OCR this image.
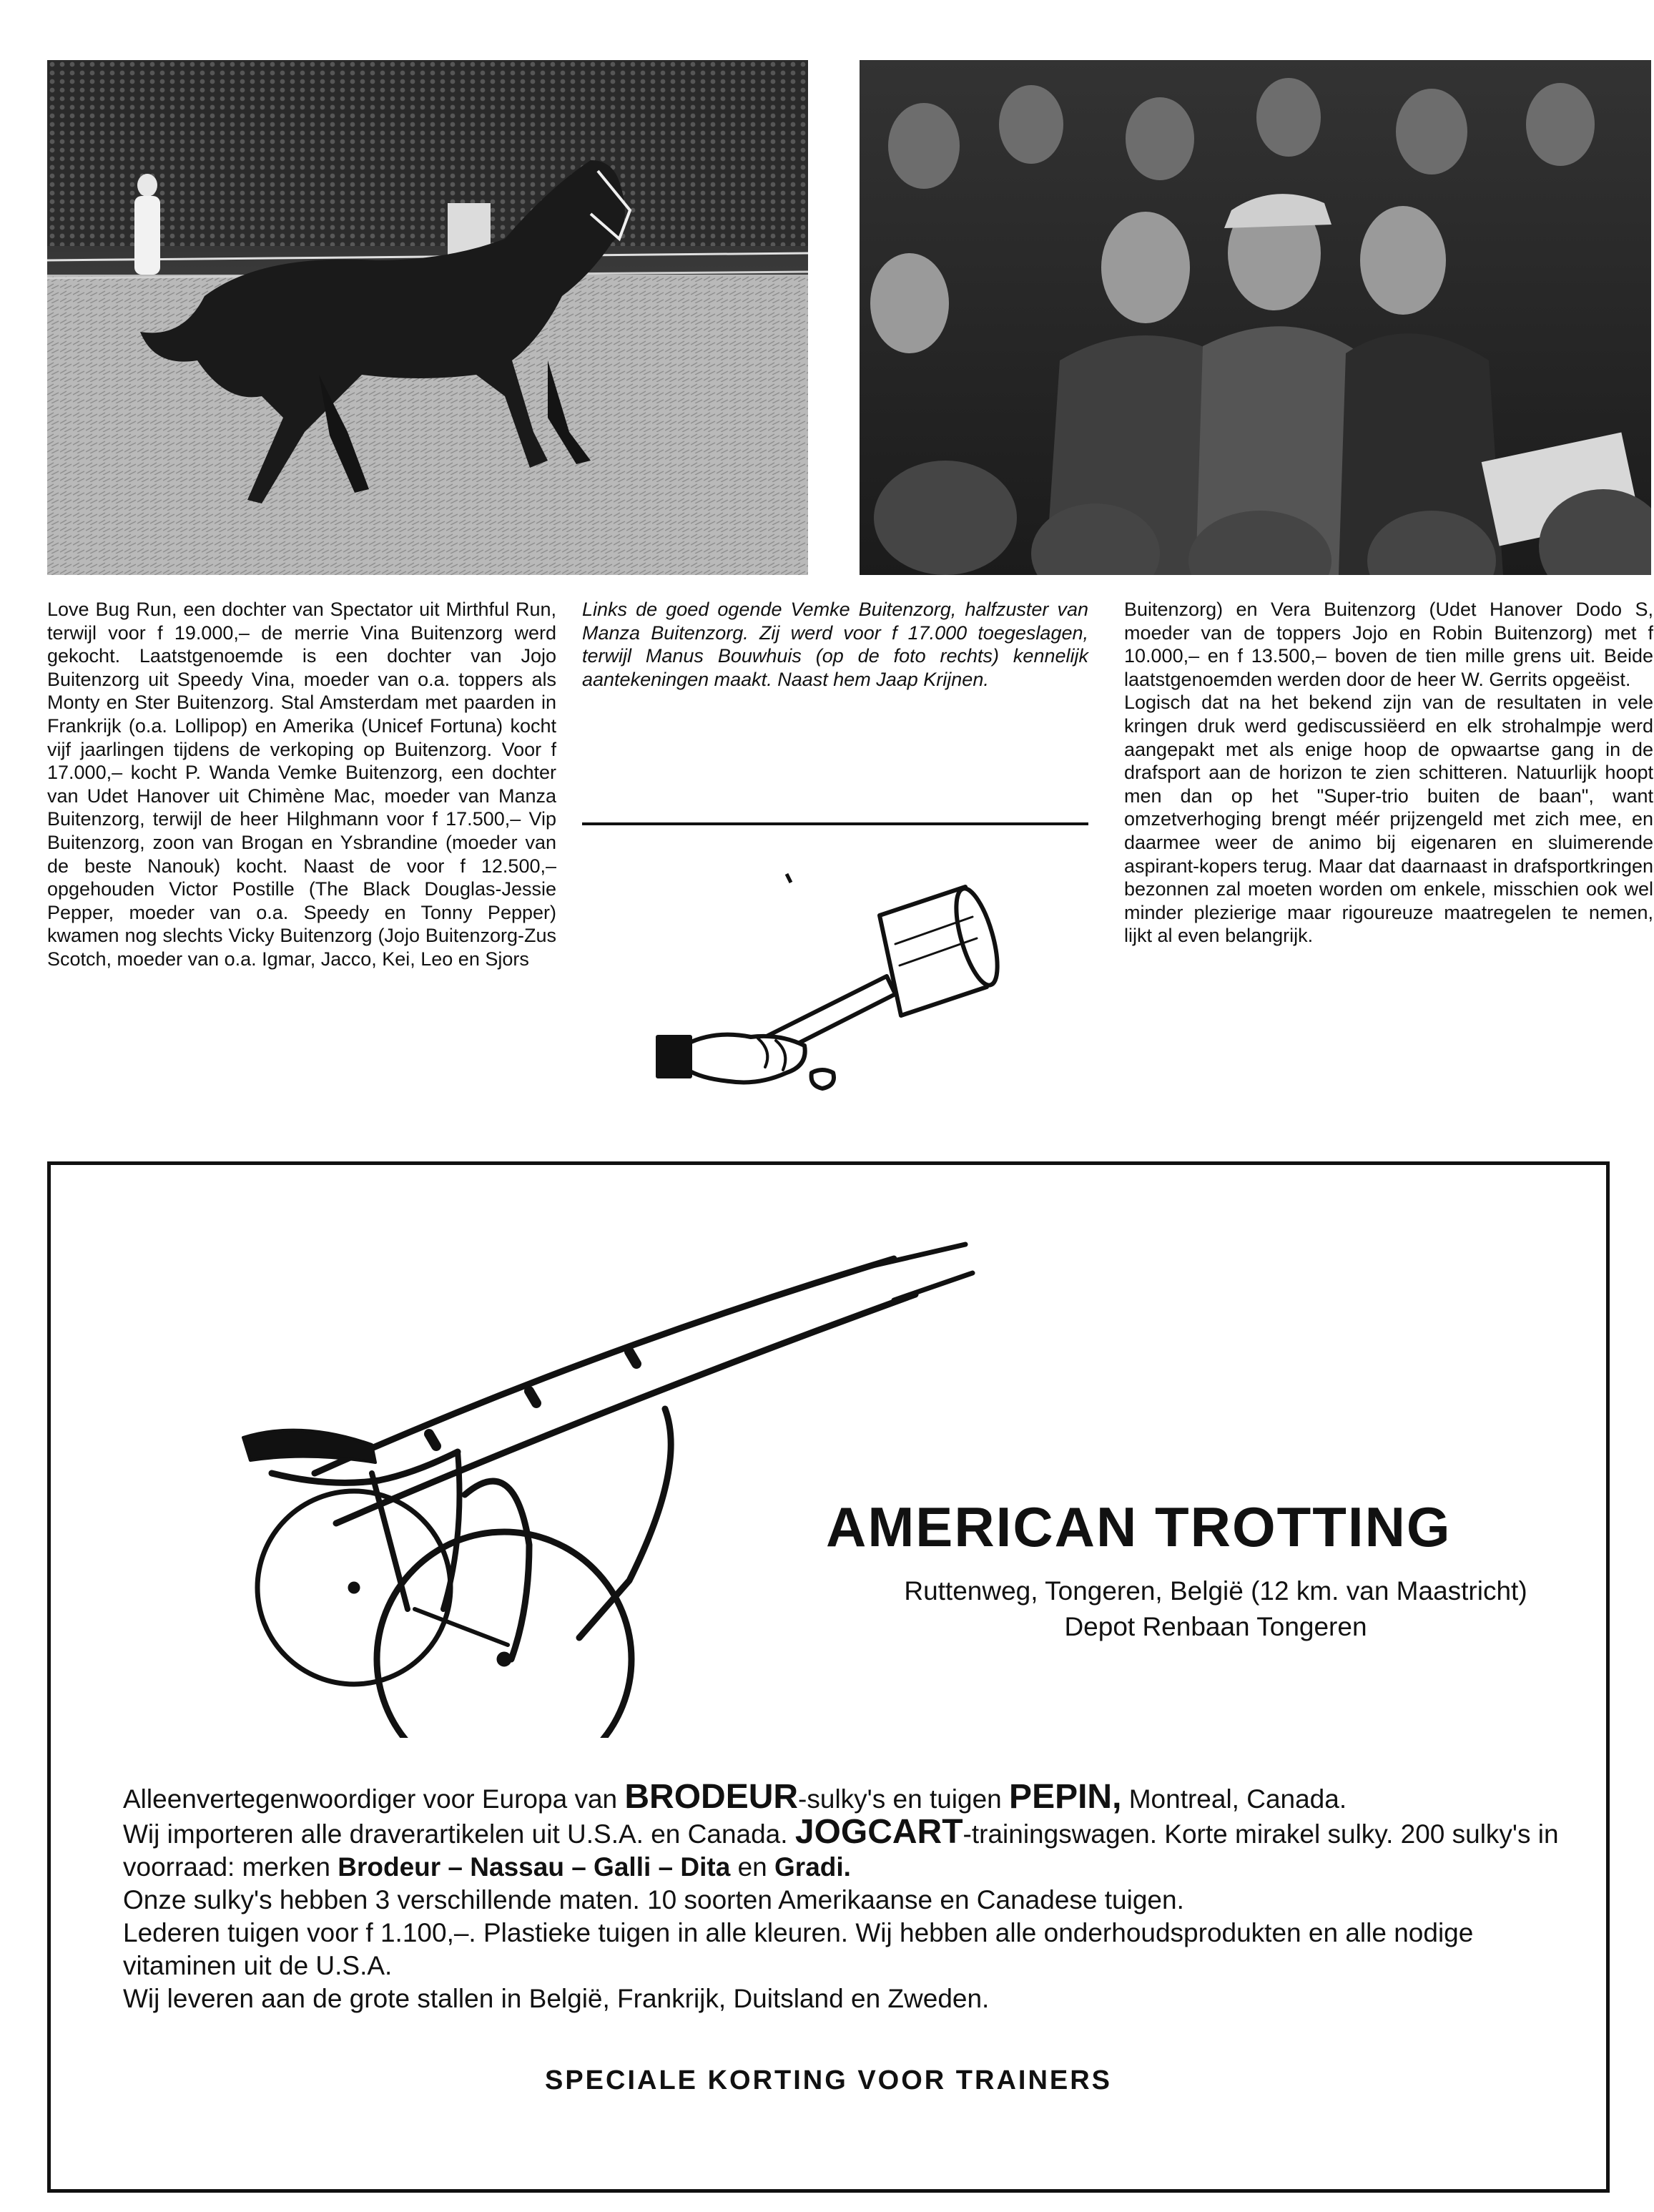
Love Bug Run, een dochter van Spectator uit Mirthful Run, terwijl voor f 19.000,– de merrie Vina Buitenzorg werd gekocht. Laatstgenoemde is een dochter van Jojo Buitenzorg uit Speedy Vina, moeder van o.a. toppers als Monty en Ster Buitenzorg. Stal Amsterdam met paarden in Frankrijk (o.a. Lollipop) en Amerika (Unicef Fortuna) kocht vijf jaarlingen tijdens de verkoping op Buitenzorg. Voor f 17.000,– kocht P. Wanda Vemke Buitenzorg, een dochter van Udet Hanover uit Chimène Mac, moeder van Manza Buitenzorg, terwijl de heer Hilghmann voor f 17.500,– Vip Buitenzorg, zoon van Brogan en Ysbrandine (moeder van de beste Nanouk) kocht. Naast de voor f 12.500,– opgehouden Victor Postille (The Black Douglas-Jessie Pepper, moeder van o.a. Speedy en Tonny Pepper) kwamen nog slechts Vicky Buitenzorg (Jojo Buitenzorg-Zus Scotch, moeder van o.a. Igmar, Jacco, Kei, Leo en Sjors

Links de goed ogende Vemke Buitenzorg, halfzuster van Manza Buitenzorg. Zij werd voor f 17.000 toegeslagen, terwijl Manus Bouwhuis (op de foto rechts) kennelijk aantekeningen maakt. Naast hem Jaap Krijnen.

Buitenzorg) en Vera Buitenzorg (Udet Hanover Dodo S, moeder van de toppers Jojo en Robin Buitenzorg) met f 10.000,– en f 13.500,– boven de tien mille grens uit. Beide laatstgenoemden werden door de heer W. Gerrits opgeëist.

Logisch dat na het bekend zijn van de resultaten in vele kringen druk werd gediscussiëerd en elk strohalmpje werd aangepakt met als enige hoop de opwaartse gang in de drafsport aan de horizon te zien schitteren. Natuurlijk hoopt men dan op het "Super-trio buiten de baan", want omzetverhoging brengt méér prijzengeld met zich mee, en daarmee weer de animo bij eigenaren en sluimerende aspirant-kopers terug. Maar dat daarnaast in drafsportkringen bezonnen zal moeten worden om enkele, misschien ook wel minder plezierige maar rigoureuze maatregelen te nemen, lijkt al even belangrijk.

AMERICAN TROTTING
Ruttenweg, Tongeren, België (12 km. van Maastricht)
Depot Renbaan Tongeren

Alleenvertegenwoordiger voor Europa van BRODEUR-sulky's en tuigen PEPIN, Montreal, Canada.

Wij importeren alle draverartikelen uit U.S.A. en Canada. JOGCART-trainingswagen. Korte mirakel sulky. 200 sulky's in voorraad: merken Brodeur – Nassau – Galli – Dita en Gradi.

Onze sulky's hebben 3 verschillende maten. 10 soorten Amerikaanse en Canadese tuigen.

Lederen tuigen voor f 1.100,–. Plastieke tuigen in alle kleuren. Wij hebben alle onderhoudsprodukten en alle nodige vitaminen uit de U.S.A.

Wij leveren aan de grote stallen in België, Frankrijk, Duitsland en Zweden.

SPECIALE KORTING VOOR TRAINERS
